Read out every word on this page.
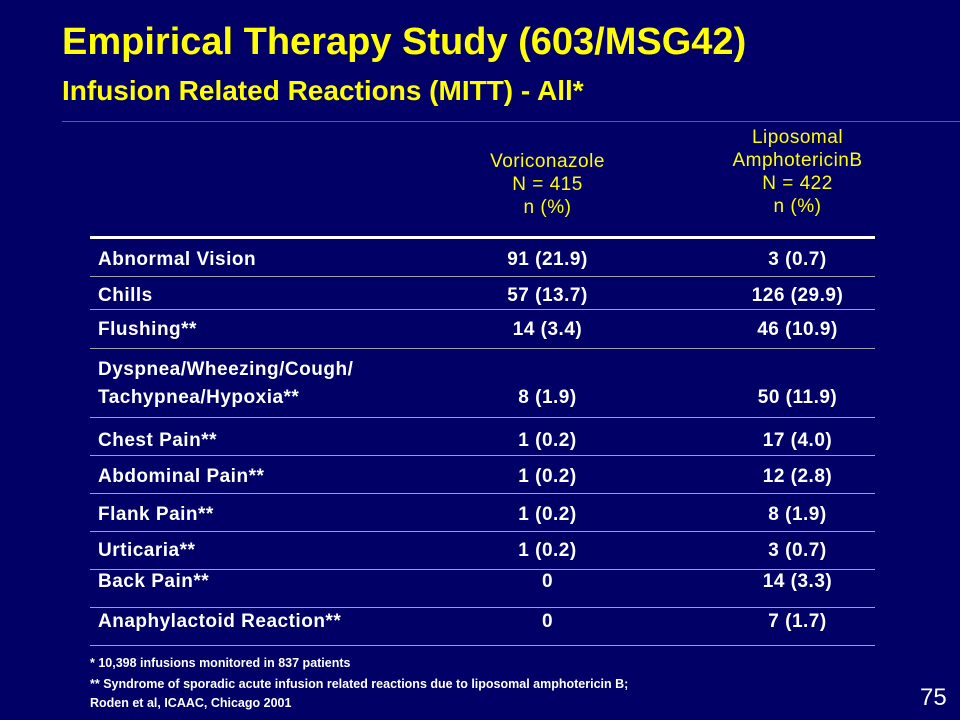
Empirical Therapy Study (603/MSG42)
Infusion Related Reactions (MITT) - All*
Voriconazole
N = 415
n (%)
Liposomal
AmphotericinB
N = 422
n (%)
Abnormal Vision	91 (21.9)	3 (0.7)
Chills	57 (13.7)	126 (29.9)
Flushing**	14 (3.4)	46 (10.9)
Dyspnea/Wheezing/Cough/
Tachypnea/Hypoxia**	8 (1.9)	50 (11.9)
Chest Pain**	1 (0.2)	17 (4.0)
Abdominal Pain**	1 (0.2)	12 (2.8)
Flank Pain**	1 (0.2)	8 (1.9)
Urticaria**	1 (0.2)	3 (0.7)
Back Pain**	0	14 (3.3)
Anaphylactoid Reaction**	0	7 (1.7)
* 10,398 infusions monitored in 837 patients
** Syndrome of sporadic acute infusion related reactions due to liposomal amphotericin B;
Roden et al, ICAAC, Chicago 2001	75
